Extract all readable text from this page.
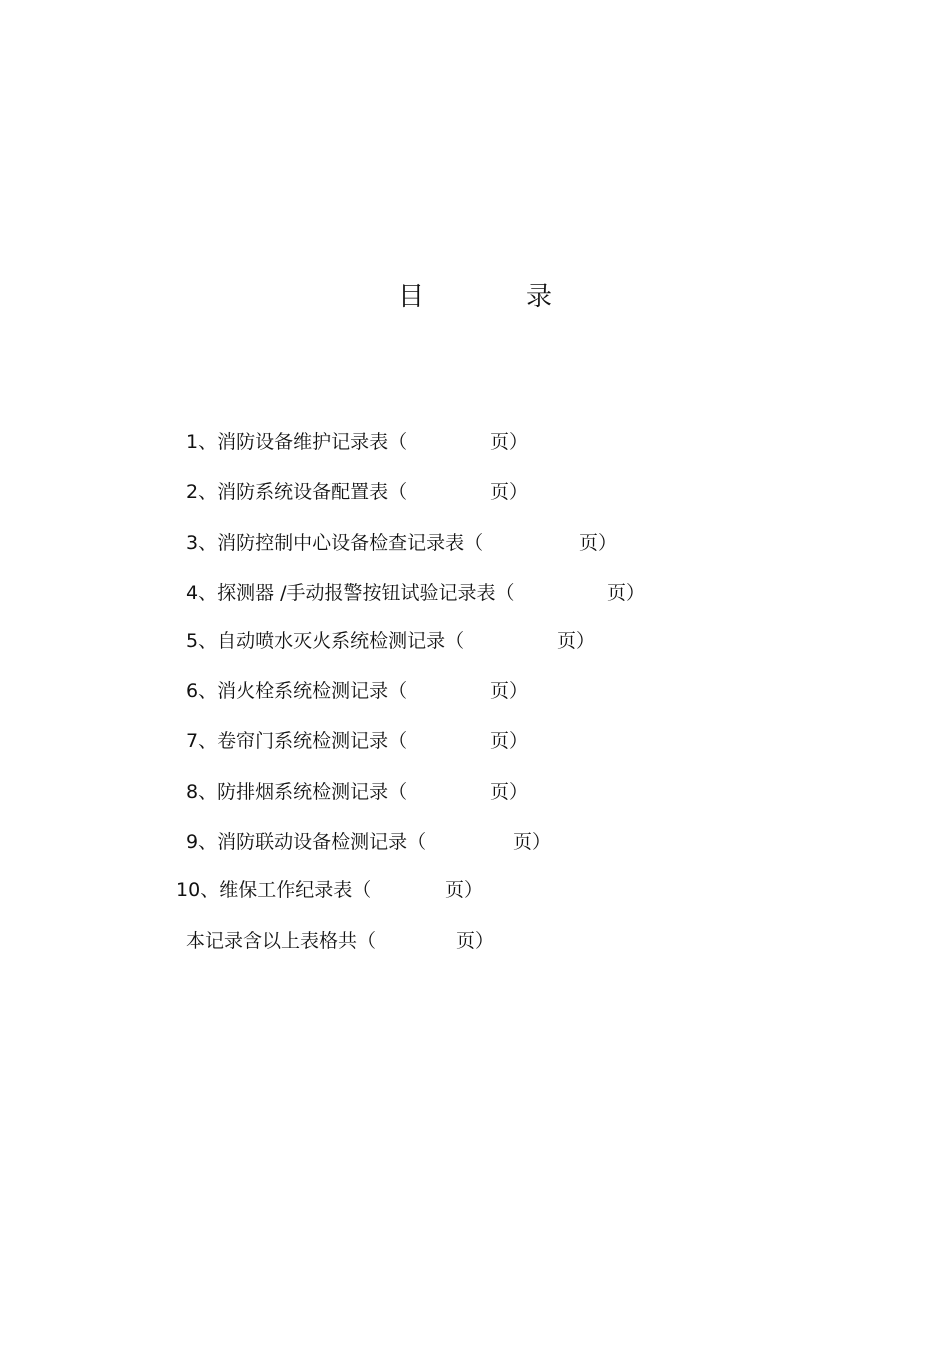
目	录
1、消防设备维护记录表（	页）
2、消防系统设备配置表（	页）
3、消防控制中心设备检查记录表（	页）
4、探测器 /手动报警按钮试验记录表（	页）
5、自动喷水灭火系统检测记录（	页）
6、消火栓系统检测记录（	页）
7、卷帘门系统检测记录（	页）
8、防排烟系统检测记录（	页）
9、消防联动设备检测记录（	页）
10、维保工作纪录表（	页）
本记录含以上表格共（	页）
